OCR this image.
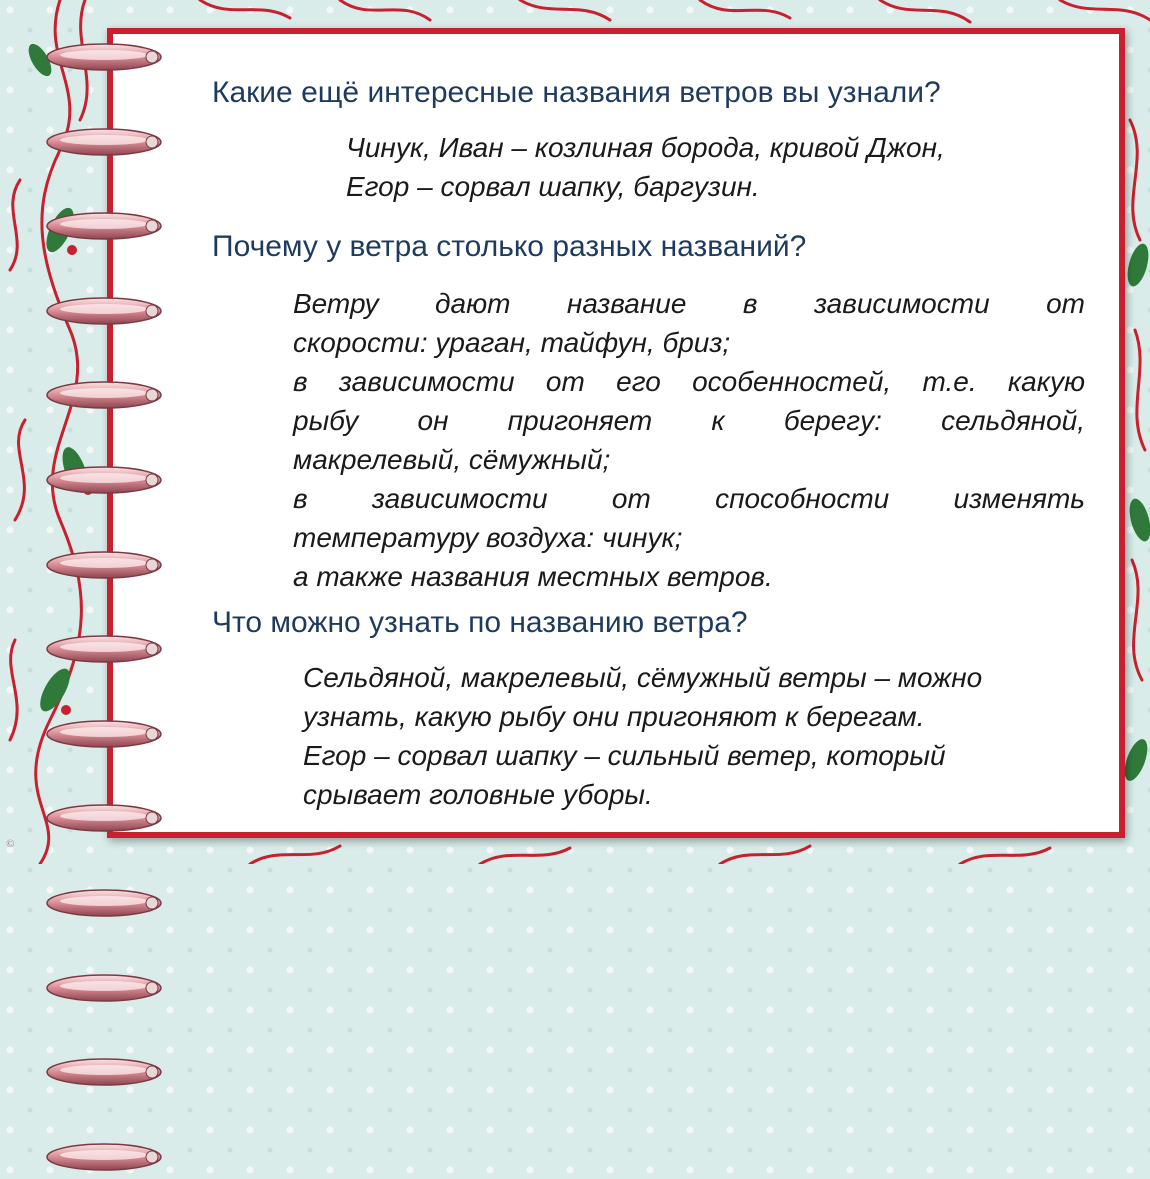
Какие ещё интересные названия ветров вы узнали?
Чинук, Иван – козлиная борода, кривой Джон,
Егор – сорвал шапку, баргузин.
Почему у ветра столько разных названий?
Ветру дают название в зависимости от
скорости: ураган, тайфун, бриз;
в зависимости от его особенностей, т.е. какую
рыбу он пригоняет к берегу: сельдяной,
макрелевый, сёмужный;
в зависимости от способности изменять
температуру воздуха: чинук;
а также названия местных ветров.
Что можно узнать по названию ветра?
Сельдяной, макрелевый, сёмужный ветры – можно
узнать, какую рыбу они пригоняют к берегам.
Егор – сорвал шапку – сильный ветер, который
срывает головные уборы.
©
